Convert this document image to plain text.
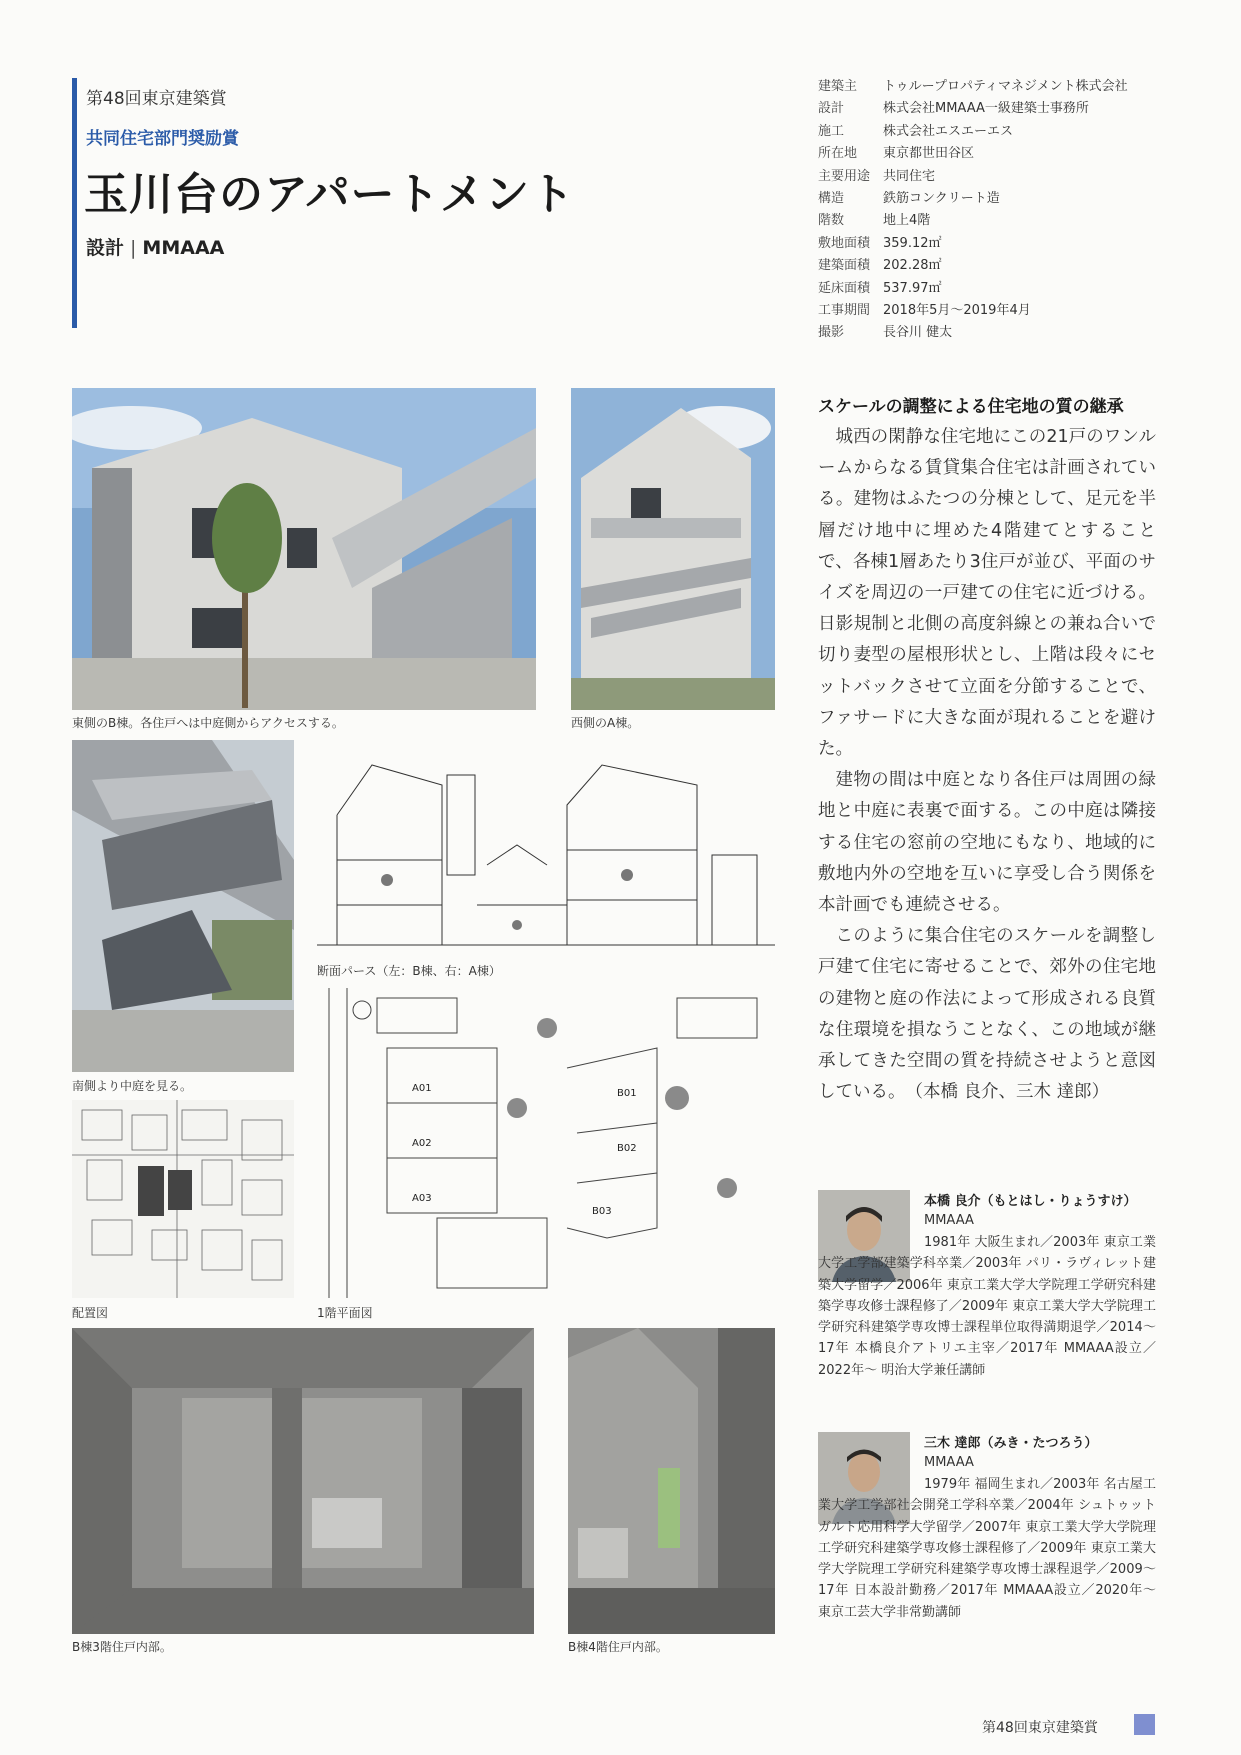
第48回東京建築賞
共同住宅部門奨励賞
玉川台のアパートメント
設計 | MMAAA
建築主	トゥループロパティマネジメント株式会社
設計	株式会社MMAAA一級建築士事務所
施工	株式会社エスエーエス
所在地	東京都世田谷区
主要用途 共同住宅
構造	鉄筋コンクリート造
階数	地上4階
敷地面積 359.12㎡
建築面積 202.28㎡
延床面積 537.97㎡
工事期間 2018年5月～2019年4月
撮影	長谷川 健太
東側のB棟。各住戸へは中庭側からアクセスする。	西側のA棟。
南側より中庭を見る。
断面パース（左：B棟、右：A棟）
配置図
A01
A02
A03
B01
B02
B03
1階平面図
B棟3階住戸内部。	B棟4階住戸内部。
スケールの調整による住宅地の質の継承

城西の閑静な住宅地にこの21戸のワンルームからなる賃貸集合住宅は計画されている。建物はふたつの分棟として、足元を半層だけ地中に埋めた4階建てとすることで、各棟1層あたり3住戸が並び、平面のサイズを周辺の一戸建ての住宅に近づける。日影規制と北側の高度斜線との兼ね合いで切り妻型の屋根形状とし、上階は段々にセットバックさせて立面を分節することで、ファサードに大きな面が現れることを避けた。

建物の間は中庭となり各住戸は周囲の緑地と中庭に表裏で面する。この中庭は隣接する住宅の窓前の空地にもなり、地域的に敷地内外の空地を互いに享受し合う関係を本計画でも連続させる。

このように集合住宅のスケールを調整し戸建て住宅に寄せることで、郊外の住宅地の建物と庭の作法によって形成される良質な住環境を損なうことなく、この地域が継承してきた空間の質を持続させようと意図している。　 （本橋 良介、三木 達郎）

本橋 良介（もとはし・りょうすけ）
MMAAA
1981年 大阪生まれ／2003年 東京工業大学工学部建築学科卒業／2003年 パリ・ラヴィレット建築大学留学／2006年 東京工業大学大学院理工学研究科建築学専攻修士課程修了／2009年 東京工業大学大学院理工学研究科建築学専攻博士課程単位取得満期退学／2014～17年 本橋良介アトリエ主宰／2017年 MMAAA設立／2022年～ 明治大学兼任講師
三木 達郎（みき・たつろう）
MMAAA
1979年 福岡生まれ／2003年 名古屋工業大学工学部社会開発工学科卒業／2004年 シュトゥットガルト応用科学大学留学／2007年 東京工業大学大学院理工学研究科建築学専攻修士課程修了／2009年 東京工業大学大学院理工学研究科建築学専攻博士課程退学／2009～17年 日本設計勤務／2017年 MMAAA設立／2020年～ 東京工芸大学非常勤講師
第48回東京建築賞
